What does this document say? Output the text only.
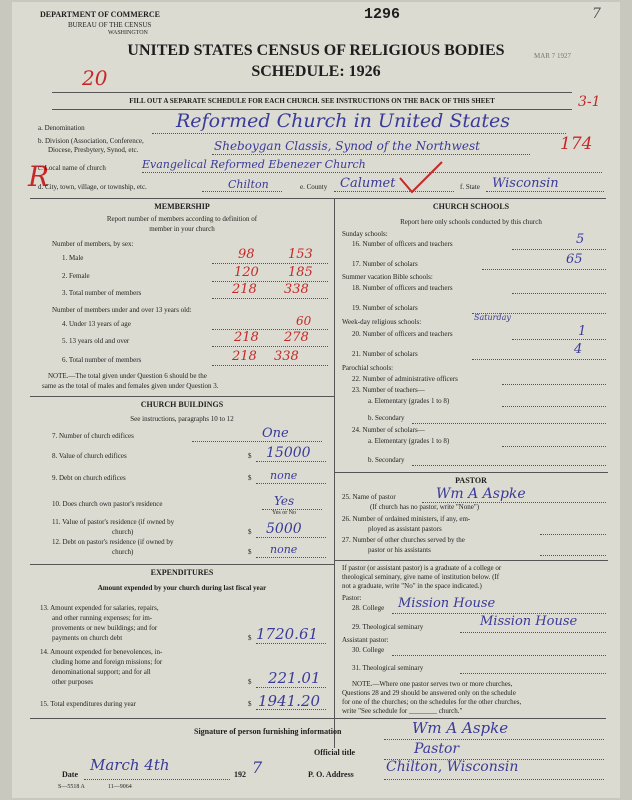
DEPARTMENT OF COMMERCE
BUREAU OF THE CENSUS
WASHINGTON
1296	7
MAR 7 1927
UNITED STATES CENSUS OF RELIGIOUS BODIES
SCHEDULE: 1926
20
3-1
R
FILL OUT A SEPARATE SCHEDULE FOR EACH CHURCH. SEE INSTRUCTIONS ON THE BACK OF THIS SHEET
a. Denomination	Reformed Church in United States
b. Division (Association, Conference,
Diocese, Presbytery, Synod, etc.	Sheboygan Classis, Synod of the Northwest	174
c. Local name of church	Evangelical Reformed Ebenezer Church
d. City, town, village, or township, etc.	Chilton	e. County Calumet	f. State Wisconsin
MEMBERSHIP
Report number of members according to definition of
member in your church
Number of members, by sex:
1. Male	98	153
2. Female	120 185
3. Total number of members	218 338
Number of members under and over 13 years old:
4. Under 13 years of age	60
5. 13 years old and over	218 278
6. Total number of members	218 338
NOTE.—The total given under Question 6 should be the
same as the total of males and females given under Question 3.
CHURCH BUILDINGS
See instructions, paragraphs 10 to 12
7. Number of church edifices	One
8. Value of church edifices	$ 15000
9. Debt on church edifices	$ none
10. Does church own pastor's residence	Yes
Yes or No
11. Value of pastor's residence (if owned by
church)	$ 5000
12. Debt on pastor's residence (if owned by
church)	$ none
EXPENDITURES
Amount expended by your church during last fiscal year
13. Amount expended for salaries, repairs,
and other running expenses; for im-
provements or new buildings; and for
payments on church debt	$ 1720.61
14. Amount expended for benevolences, in-
cluding home and foreign missions; for
denominational support; and for all
other purposes	$ 221.01
15. Total expenditures during year	$ 1941.20
CHURCH SCHOOLS
Report here only schools conducted by this church
Sunday schools:
16. Number of officers and teachers	5
17. Number of scholars	65
Summer vacation Bible schools:
18. Number of officers and teachers
19. Number of scholars
Week-day religious schools:	Saturday
20. Number of officers and teachers	1
21. Number of scholars	4
Parochial schools:
22. Number of administrative officers
23. Number of teachers—
a. Elementary (grades 1 to 8)
b. Secondary
24. Number of scholars—
a. Elementary (grades 1 to 8)
b. Secondary
PASTOR
25. Name of pastor	Wm A Aspke
(If church has no pastor, write "None")
26. Number of ordained ministers, if any, em-
ployed as assistant pastors
27. Number of other churches served by the
pastor or his assistants
If pastor (or assistant pastor) is a graduate of a college or
theological seminary, give name of institution below. (If
not a graduate, write "No" in the space indicated.)
Pastor:
28. College Mission House
29. Theological seminary	Mission House
Assistant pastor:
30. College
31. Theological seminary
NOTE.—Where one pastor serves two or more churches,
Questions 28 and 29 should be answered only on the schedule
for one of the churches; on the schedules for the other churches,
write "See schedule for ________ church."
Signature of person furnishing information	Wm A Aspke
Official title	Pastor
Date
March 4th
192 7	P. O. Address Chilton, Wisconsin
S—5518 A	11—9064
